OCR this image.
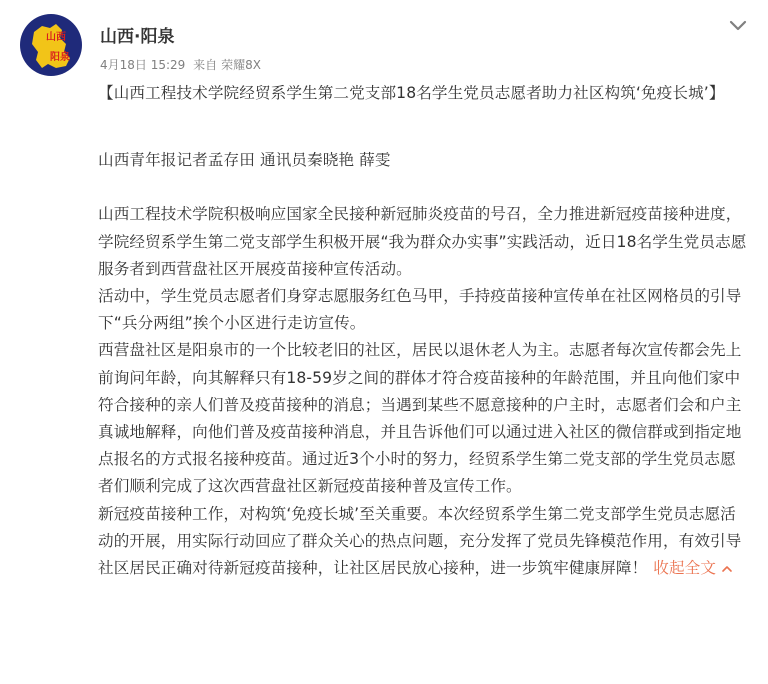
山西
阳泉
山西·阳泉
4月18日 15:29 来自 荣耀8X

【山西工程技术学院经贸系学生第二党支部18名学生党员志愿者助力社区构筑‘免疫长城’】

山西青年报记者孟存田 通讯员秦晓艳 薛雯

山西工程技术学院积极响应国家全民接种新冠肺炎疫苗的号召，全力推进新冠疫苗接种进度，学院经贸系学生第二党支部学生积极开展“我为群众办实事”实践活动，近日18名学生党员志愿服务者到西营盘社区开展疫苗接种宣传活动。

活动中，学生党员志愿者们身穿志愿服务红色马甲，手持疫苗接种宣传单在社区网格员的引导下“兵分两组”挨个小区进行走访宣传。

西营盘社区是阳泉市的一个比较老旧的社区，居民以退休老人为主。志愿者每次宣传都会先上前询问年龄，向其解释只有18-59岁之间的群体才符合疫苗接种的年龄范围，并且向他们家中符合接种的亲人们普及疫苗接种的消息；当遇到某些不愿意接种的户主时，志愿者们会和户主真诚地解释，向他们普及疫苗接种消息，并且告诉他们可以通过进入社区的微信群或到指定地点报名的方式报名接种疫苗。通过近3个小时的努力，经贸系学生第二党支部的学生党员志愿者们顺利完成了这次西营盘社区新冠疫苗接种普及宣传工作。

新冠疫苗接种工作，对构筑‘免疫长城’至关重要。本次经贸系学生第二党支部学生党员志愿活动的开展，用实际行动回应了群众关心的热点问题，充分发挥了党员先锋模范作用，有效引导社区居民正确对待新冠疫苗接种，让社区居民放心接种，进一步筑牢健康屏障！ 收起全文
